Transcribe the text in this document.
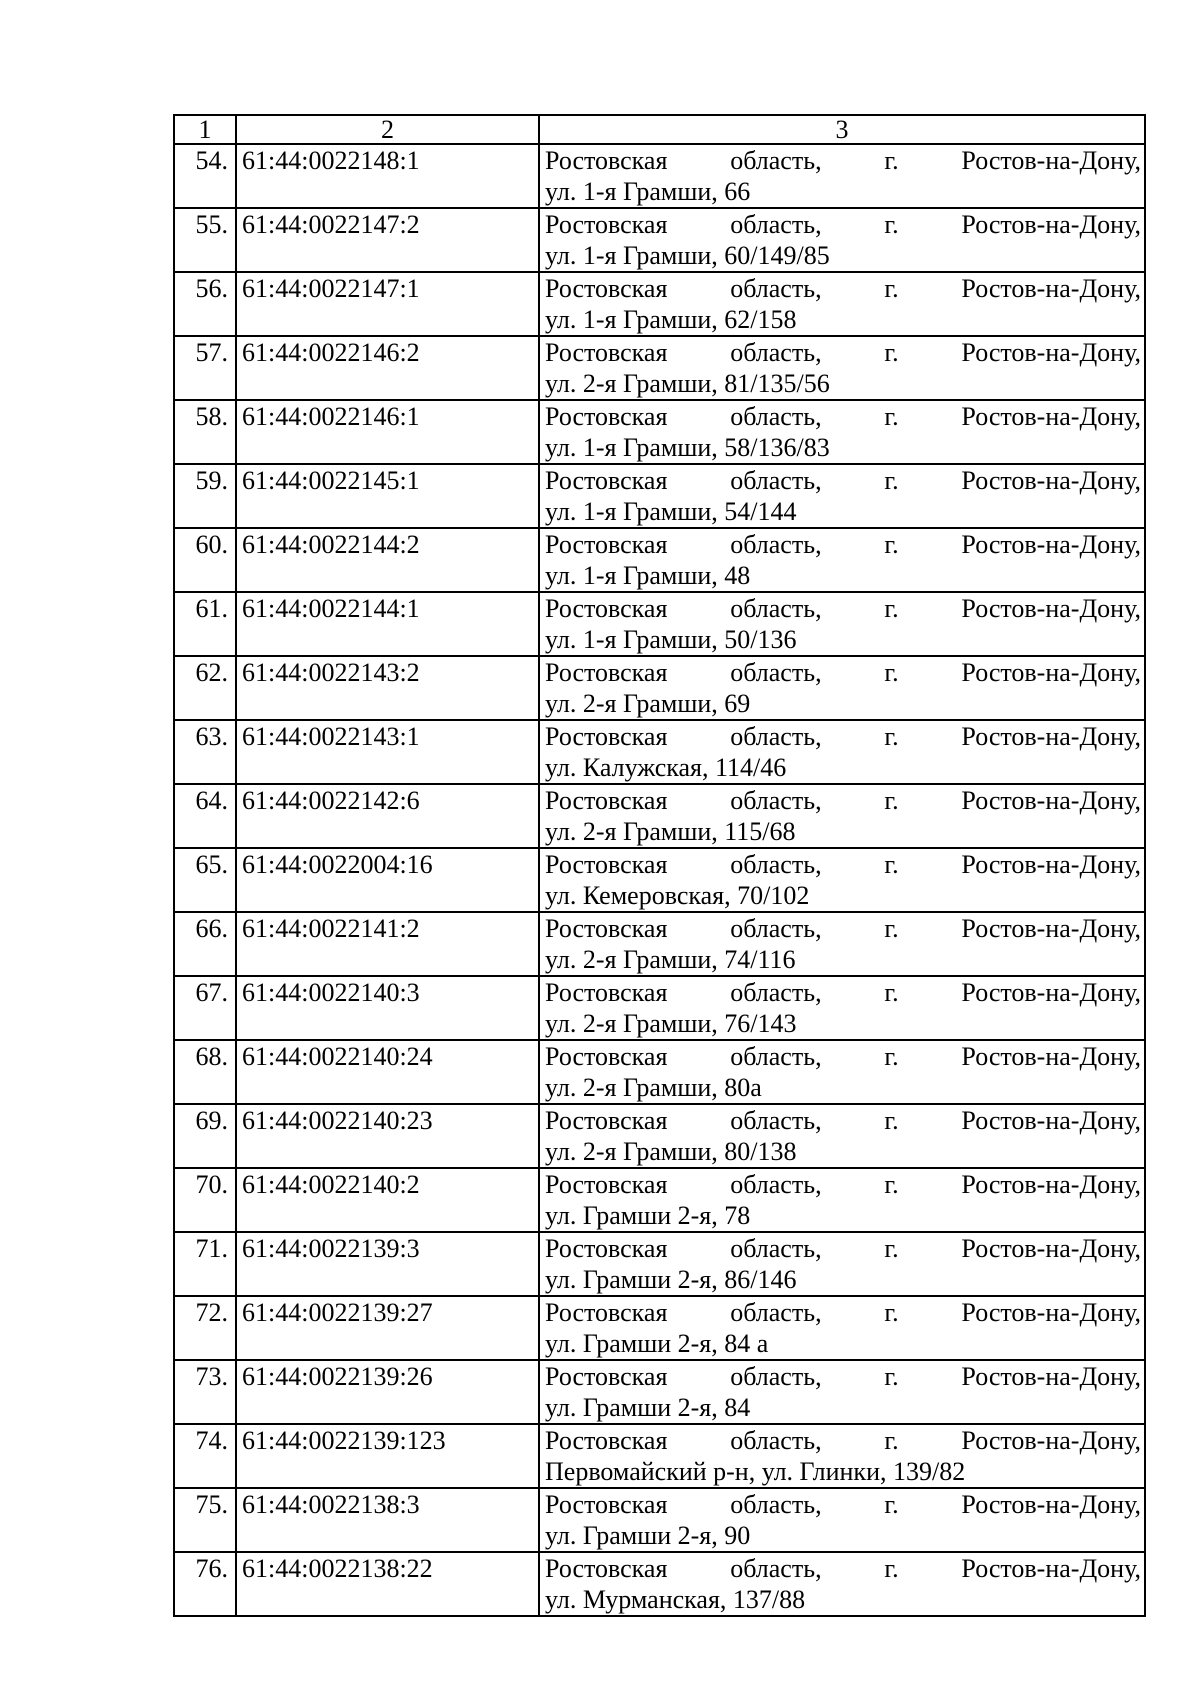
1	2	3
54.	61:44:0022148:1	Ростовская область, г. Ростов-на-Дону,
ул. 1-я Грамши, 66

55.	61:44:0022147:2	Ростовская область, г. Ростов-на-Дону,
ул. 1-я Грамши, 60/149/85

56.	61:44:0022147:1	Ростовская область, г. Ростов-на-Дону,
ул. 1-я Грамши, 62/158

57.	61:44:0022146:2	Ростовская область, г. Ростов-на-Дону,
ул. 2-я Грамши, 81/135/56

58.	61:44:0022146:1	Ростовская область, г. Ростов-на-Дону,
ул. 1-я Грамши, 58/136/83

59.	61:44:0022145:1	Ростовская область, г. Ростов-на-Дону,
ул. 1-я Грамши, 54/144

60.	61:44:0022144:2	Ростовская область, г. Ростов-на-Дону,
ул. 1-я Грамши, 48

61.	61:44:0022144:1	Ростовская область, г. Ростов-на-Дону,
ул. 1-я Грамши, 50/136

62.	61:44:0022143:2	Ростовская область, г. Ростов-на-Дону,
ул. 2-я Грамши, 69

63.	61:44:0022143:1	Ростовская область, г. Ростов-на-Дону,
ул. Калужская, 114/46

64.	61:44:0022142:6	Ростовская область, г. Ростов-на-Дону,
ул. 2-я Грамши, 115/68

65.	61:44:0022004:16	Ростовская область, г. Ростов-на-Дону,
ул. Кемеровская, 70/102

66.	61:44:0022141:2	Ростовская область, г. Ростов-на-Дону,
ул. 2-я Грамши, 74/116

67.	61:44:0022140:3	Ростовская область, г. Ростов-на-Дону,
ул. 2-я Грамши, 76/143

68.	61:44:0022140:24	Ростовская область, г. Ростов-на-Дону,
ул. 2-я Грамши, 80а

69.	61:44:0022140:23	Ростовская область, г. Ростов-на-Дону,
ул. 2-я Грамши, 80/138

70.	61:44:0022140:2	Ростовская область, г. Ростов-на-Дону,
ул. Грамши 2-я, 78

71.	61:44:0022139:3	Ростовская область, г. Ростов-на-Дону,
ул. Грамши 2-я, 86/146

72.	61:44:0022139:27	Ростовская область, г. Ростов-на-Дону,
ул. Грамши 2-я, 84 а

73.	61:44:0022139:26	Ростовская область, г. Ростов-на-Дону,
ул. Грамши 2-я, 84

74.	61:44:0022139:123	Ростовская область, г. Ростов-на-Дону,
Первомайский р-н, ул. Глинки, 139/82

75.	61:44:0022138:3	Ростовская область, г. Ростов-на-Дону,
ул. Грамши 2-я, 90

76.	61:44:0022138:22	Ростовская область, г. Ростов-на-Дону,
ул. Мурманская, 137/88
